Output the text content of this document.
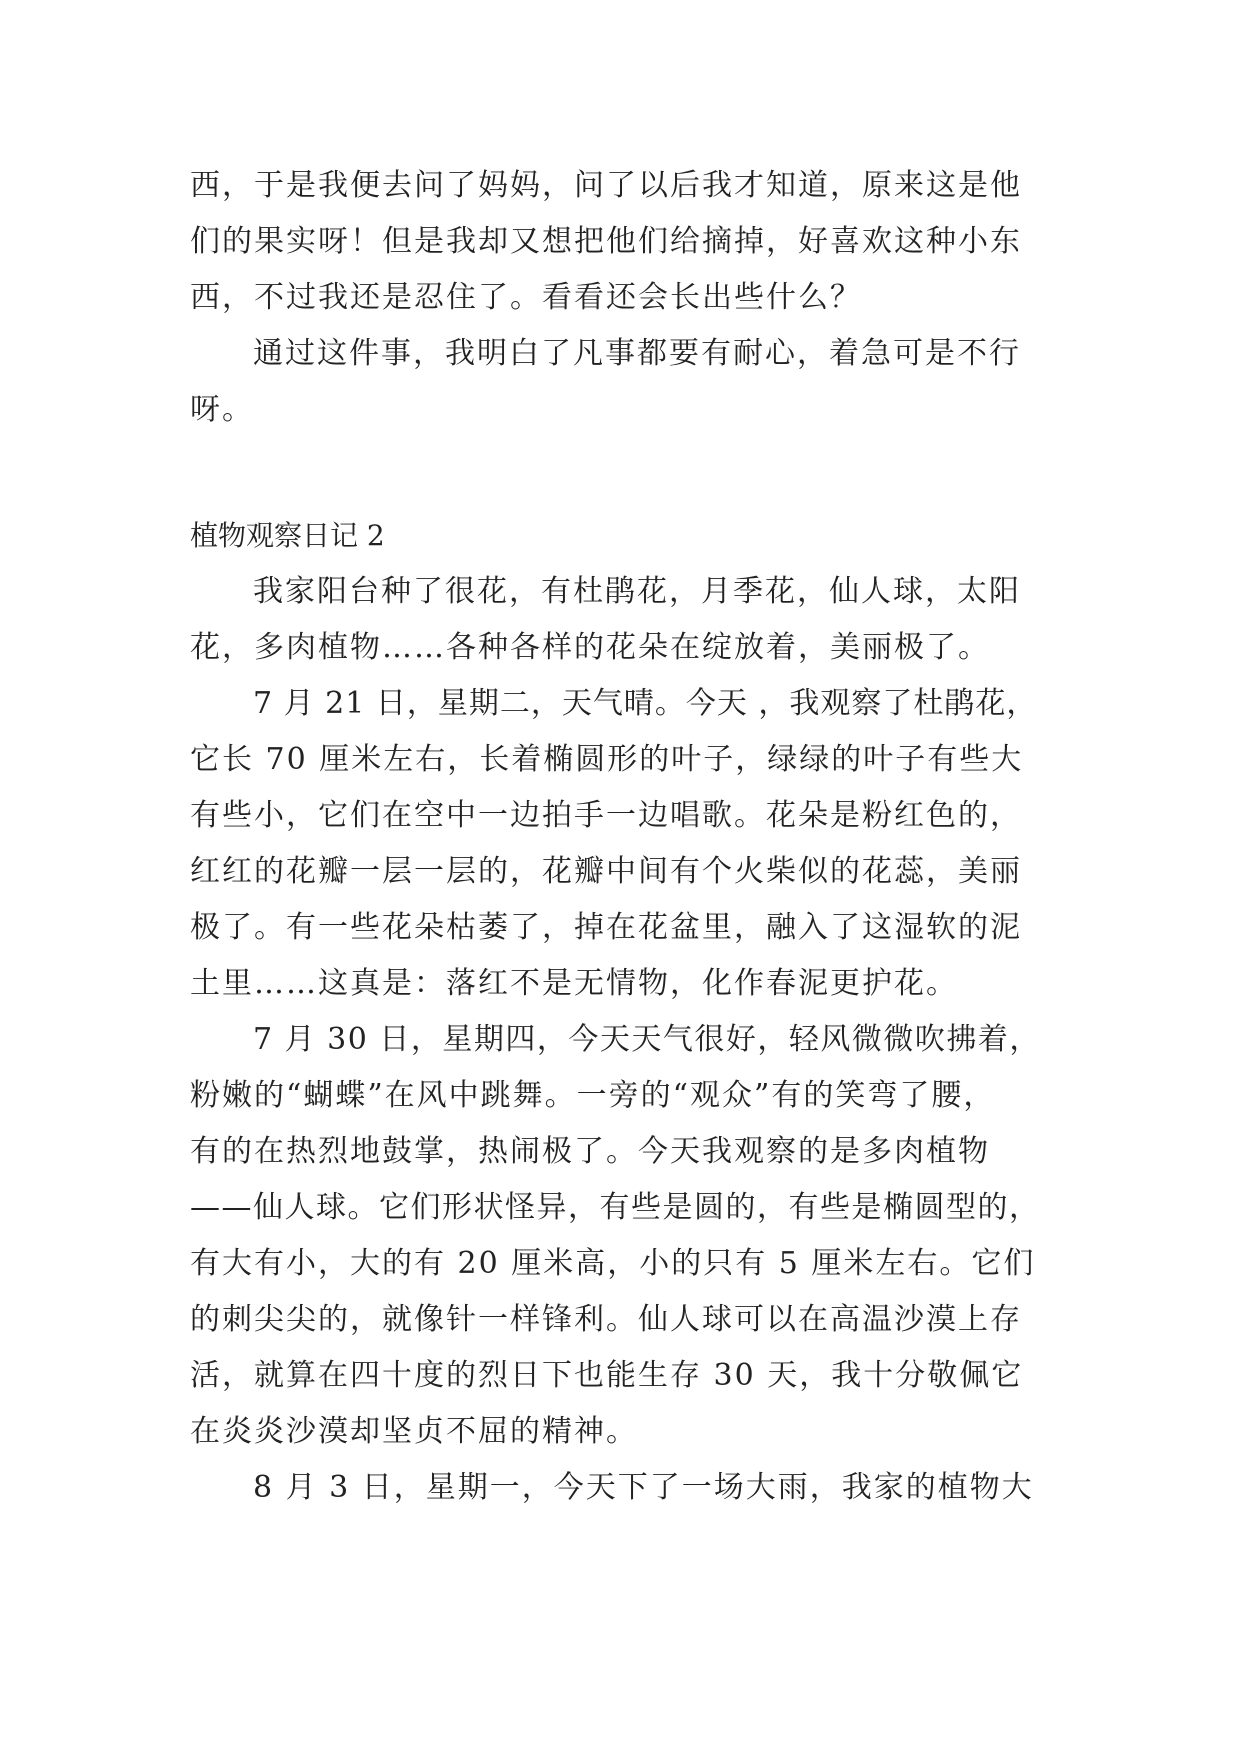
西，于是我便去问了妈妈，问了以后我才知道，原来这是他
们的果实呀！但是我却又想把他们给摘掉，好喜欢这种小东
西，不过我还是忍住了。看看还会长出些什么？
通过这件事，我明白了凡事都要有耐心，着急可是不行
呀。
植物观察日记 2
我家阳台种了很花，有杜鹃花，月季花，仙人球，太阳
花，多肉植物……各种各样的花朵在绽放着，美丽极了。
7 月 21 日，星期二，天气晴。今天 ，我观察了杜鹃花，
它长 70 厘米左右，长着椭圆形的叶子，绿绿的叶子有些大
有些小，它们在空中一边拍手一边唱歌。花朵是粉红色的，
红红的花瓣一层一层的，花瓣中间有个火柴似的花蕊，美丽
极了。有一些花朵枯萎了，掉在花盆里，融入了这湿软的泥
土里……这真是：落红不是无情物，化作春泥更护花。
7 月 30 日，星期四，今天天气很好，轻风微微吹拂着，
粉嫩的“蝴蝶”在风中跳舞。一旁的“观众”有的笑弯了腰，
有的在热烈地鼓掌，热闹极了。今天我观察的是多肉植物
——仙人球。它们形状怪异，有些是圆的，有些是椭圆型的，
有大有小，大的有 20 厘米高，小的只有 5 厘米左右。它们
的刺尖尖的，就像针一样锋利。仙人球可以在高温沙漠上存
活，就算在四十度的烈日下也能生存 30 天，我十分敬佩它
在炎炎沙漠却坚贞不屈的精神。
8 月 3 日，星期一，今天下了一场大雨，我家的植物大
